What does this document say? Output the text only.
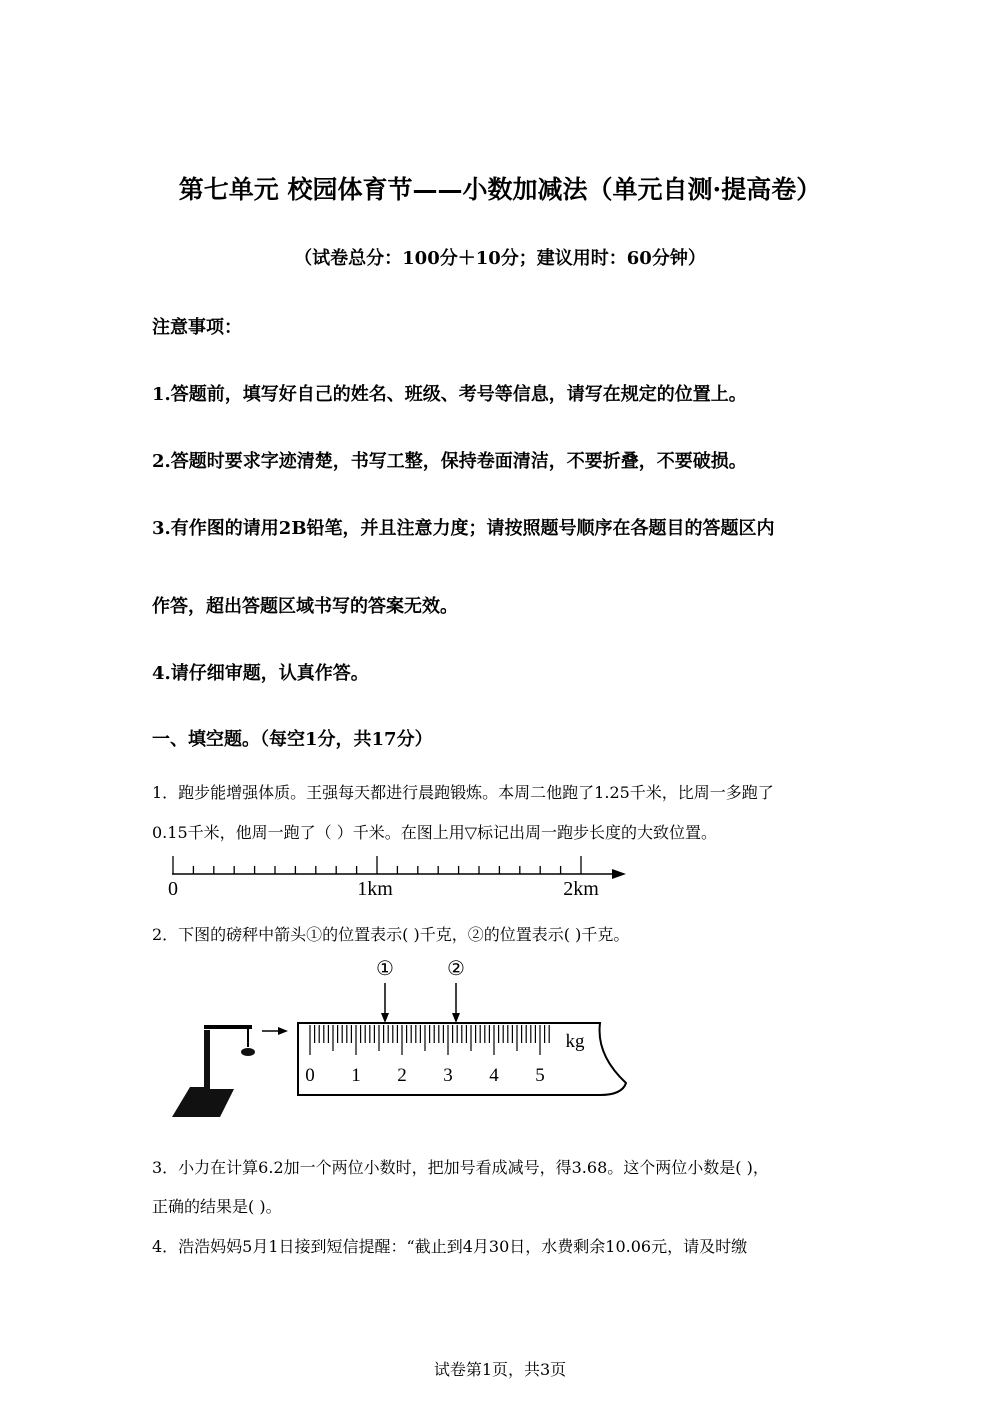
第七单元 校园体育节——小数加减法（单元自测·提高卷）
（试卷总分：100分＋10分；建议用时：60分钟）
注意事项：
1.答题前，填写好自己的姓名、班级、考号等信息，请写在规定的位置上。
2.答题时要求字迹清楚，书写工整，保持卷面清洁，不要折叠，不要破损。
3.有作图的请用2B铅笔，并且注意力度；请按照题号顺序在各题目的答题区内
作答，超出答题区域书写的答案无效。
4.请仔细审题，认真作答。
一、填空题。（每空1分，共17分）
1．跑步能增强体质。王强每天都进行晨跑锻炼。本周二他跑了1.25千米，比周一多跑了
0.15千米，他周一跑了（ ）千米。在图上用▽标记出周一跑步长度的大致位置。
0	1km	2km
2．下图的磅秤中箭头①的位置表示( )千克，②的位置表示( )千克。
①	②
kg
0 1 2 3 4 5
3．小力在计算6.2加一个两位小数时，把加号看成减号，得3.68。这个两位小数是( )，
正确的结果是( )。
4．浩浩妈妈5月1日接到短信提醒：“截止到4月30日，水费剩余10.06元，请及时缴
试卷第1页，共3页
